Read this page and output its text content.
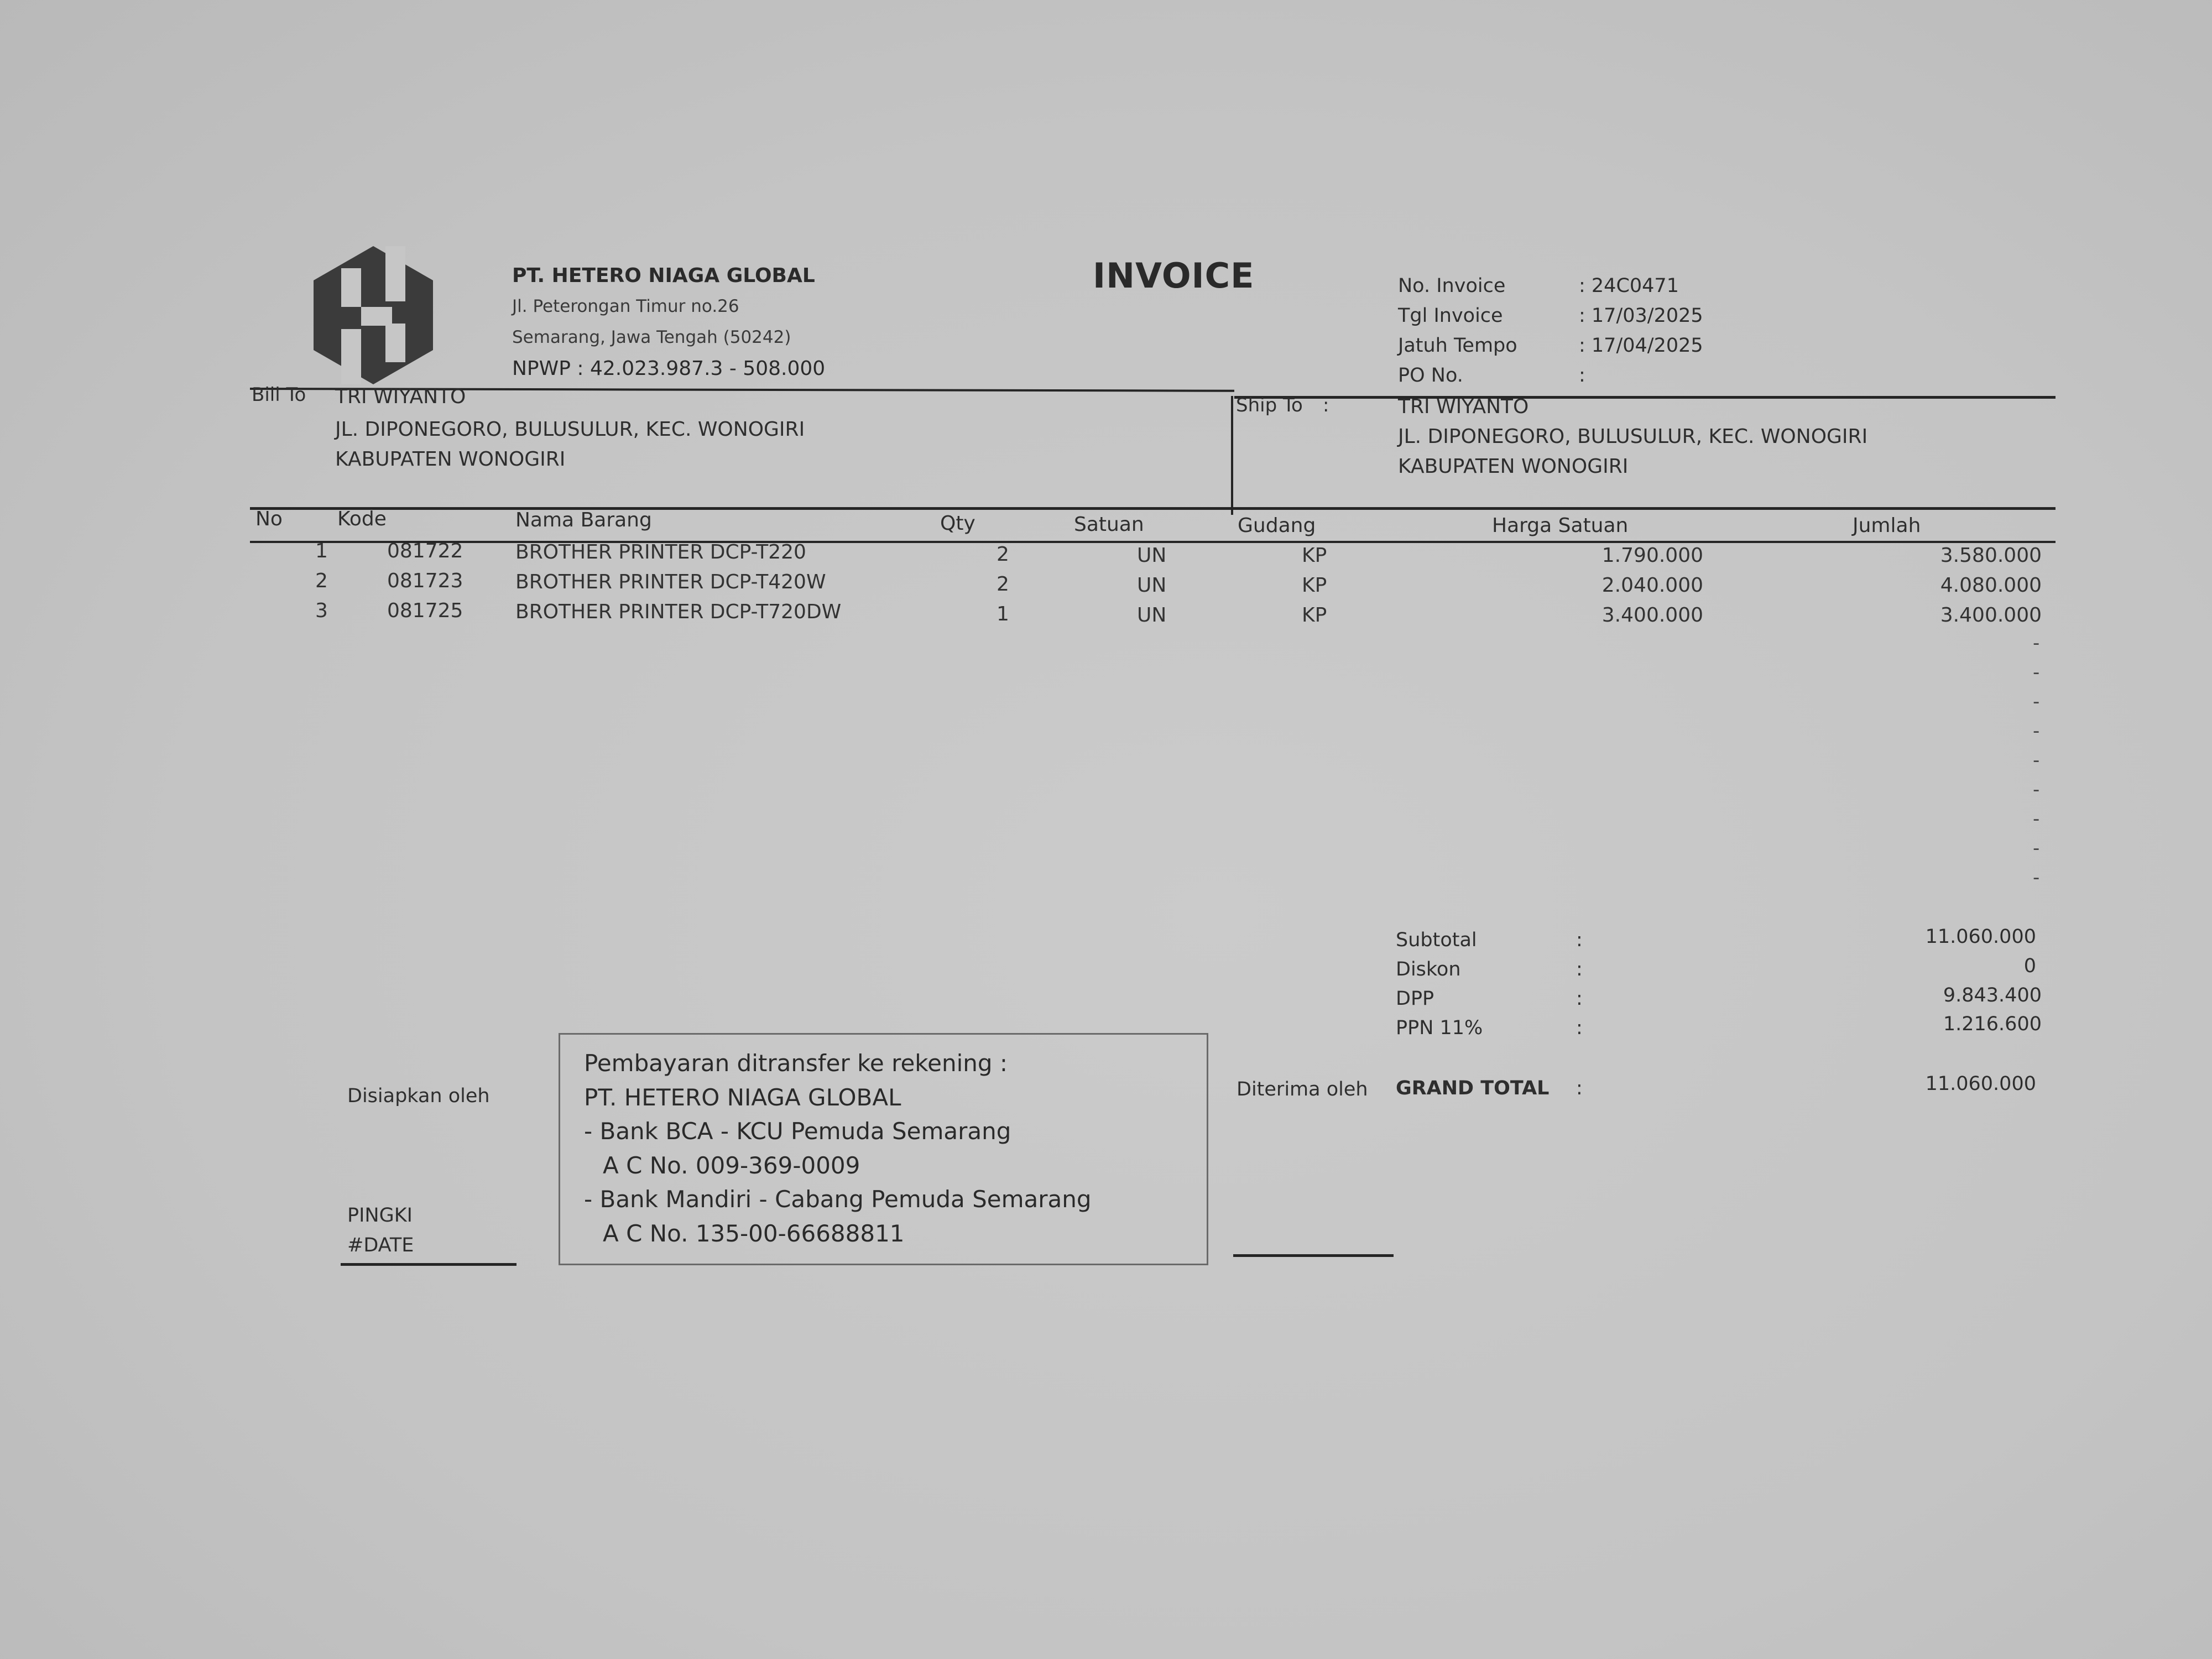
PT. HETERO NIAGA GLOBAL
Jl. Peterongan Timur no.26
Semarang, Jawa Tengah (50242)
NPWP : 42.023.987.3 - 508.000
INVOICE	No. Invoice	: 24C0471
Tgl Invoice	: 17/03/2025
Jatuh Tempo	: 17/04/2025
PO No.	:
Bill To TRI WIYANTO
JL. DIPONEGORO, BULUSULUR, KEC. WONOGIRI
KABUPATEN WONOGIRI
Ship To :	TRI WIYANTO
JL. DIPONEGORO, BULUSULUR, KEC. WONOGIRI
KABUPATEN WONOGIRI
No	Kode	Nama Barang	Qty	Satuan	Gudang	Harga Satuan	Jumlah
1	081722	BROTHER PRINTER DCP-T220	2	UN	KP	1.790.000	3.580.000
2	081723	BROTHER PRINTER DCP-T420W	2	UN	KP	2.040.000	4.080.000
3	081725	BROTHER PRINTER DCP-T720DW	1	UN	KP	3.400.000	3.400.000
-
-
-
-
-
-
-
-
-
Subtotal	:	11.060.000
Diskon	:	0
DPP	:	9.843.400
PPN 11%	:	1.216.600
Diterima oleh GRAND TOTAL :	11.060.000
Disiapkan oleh
PINGKI
#DATE
Pembayaran ditransfer ke rekening :
PT. HETERO NIAGA GLOBAL
- Bank BCA - KCU Pemuda Semarang
A C No. 009-369-0009
- Bank Mandiri - Cabang Pemuda Semarang
A C No. 135-00-66688811
